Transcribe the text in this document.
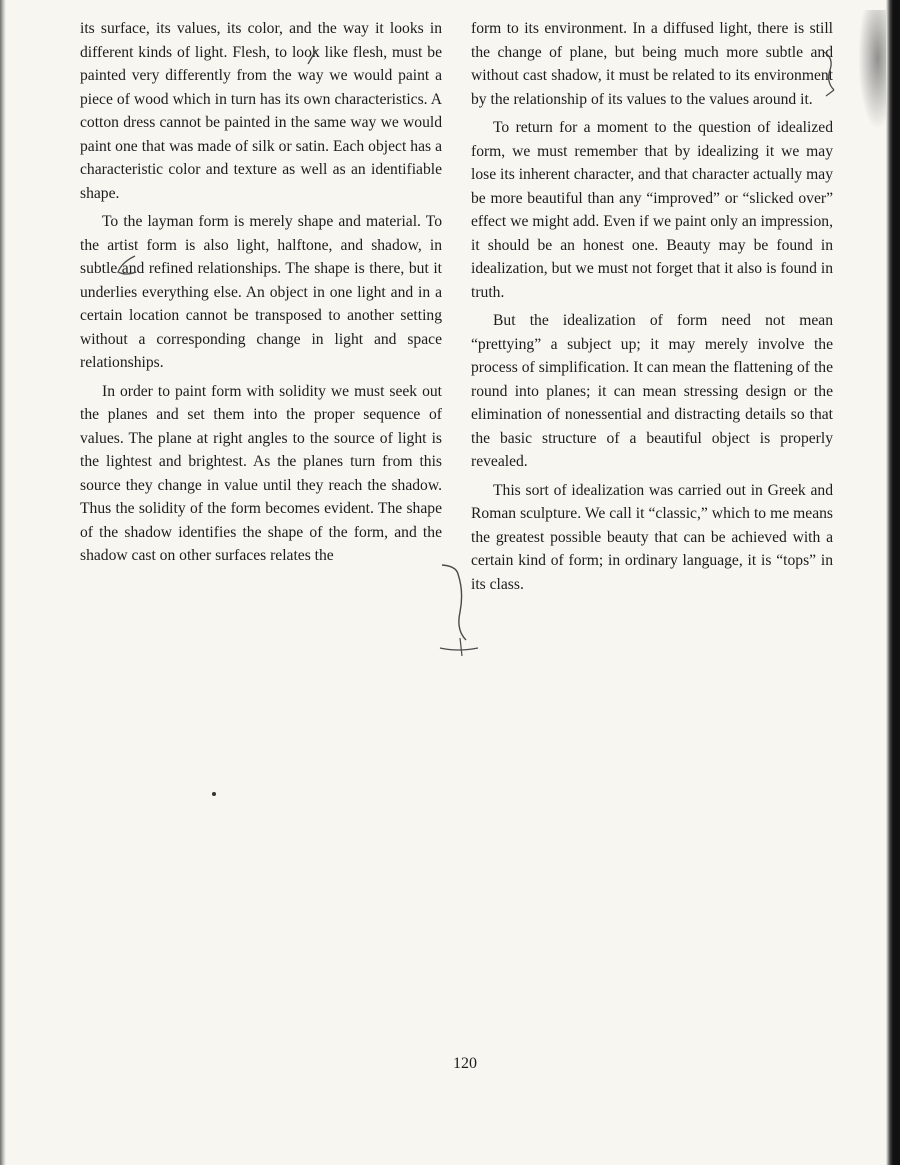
its surface, its values, its color, and the way it looks in different kinds of light. Flesh, to look like flesh, must be painted very differently from the way we would paint a piece of wood which in turn has its own characteristics. A cotton dress cannot be painted in the same way we would paint one that was made of silk or satin. Each object has a characteristic color and texture as well as an identifiable shape.

To the layman form is merely shape and material. To the artist form is also light, halftone, and shadow, in subtle and refined relationships. The shape is there, but it underlies everything else. An object in one light and in a certain location cannot be transposed to another setting without a corresponding change in light and space relationships.

In order to paint form with solidity we must seek out the planes and set them into the proper sequence of values. The plane at right angles to the source of light is the lightest and brightest. As the planes turn from this source they change in value until they reach the shadow. Thus the solidity of the form becomes evident. The shape of the shadow identifies the shape of the form, and the shadow cast on other surfaces relates the

form to its environment. In a diffused light, there is still the change of plane, but being much more subtle and without cast shadow, it must be related to its environment by the relationship of its values to the values around it.

To return for a moment to the question of idealized form, we must remember that by idealizing it we may lose its inherent character, and that character actually may be more beautiful than any “improved” or “slicked over” effect we might add. Even if we paint only an impression, it should be an honest one. Beauty may be found in idealization, but we must not forget that it also is found in truth.

But the idealization of form need not mean “prettying” a subject up; it may merely involve the process of simplification. It can mean the flattening of the round into planes; it can mean stressing design or the elimination of nonessential and distracting details so that the basic structure of a beautiful object is properly revealed.

This sort of idealization was carried out in Greek and Roman sculpture. We call it “classic,” which to me means the greatest possible beauty that can be achieved with a certain kind of form; in ordinary language, it is “tops” in its class.

120
